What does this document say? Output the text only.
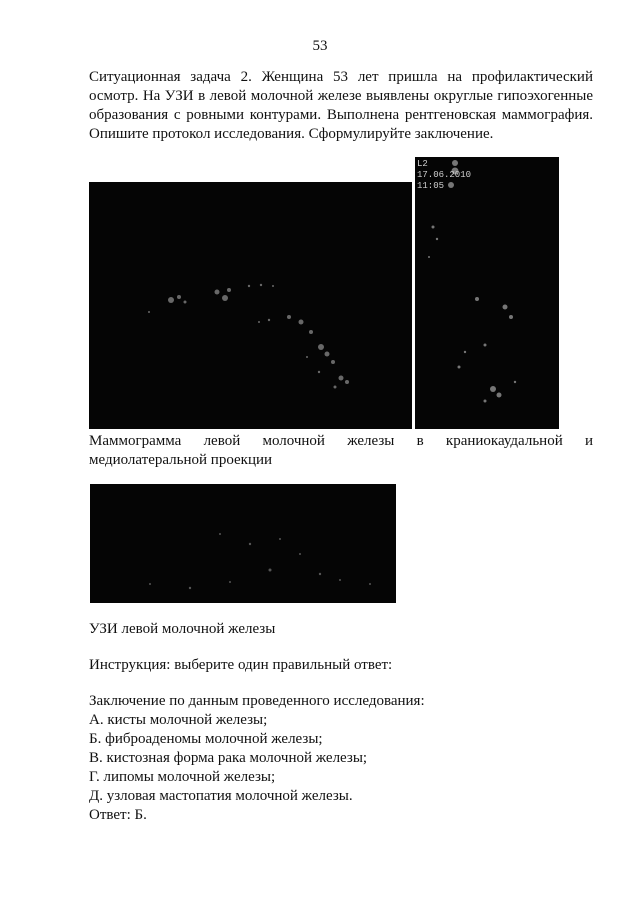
53
Ситуационная задача 2. Женщина 53 лет пришла на профилактический осмотр. На УЗИ в левой молочной железе выявлены округлые гипоэхогенные образования с ровными контурами. Выполнена рентгеновская маммография. Опишите протокол исследования. Сформулируйте заключение.
L2
17.06.2010
11:05
Маммограмма левой молочной железы в краниокаудальной и
медиолатеральной проекции
УЗИ левой молочной железы
Инструкция: выберите один правильный ответ:
Заключение по данным проведенного исследования:
А. кисты молочной железы;
Б. фиброаденомы молочной железы;
В. кистозная форма рака молочной железы;
Г. липомы молочной железы;
Д. узловая мастопатия молочной железы.
Ответ: Б.
